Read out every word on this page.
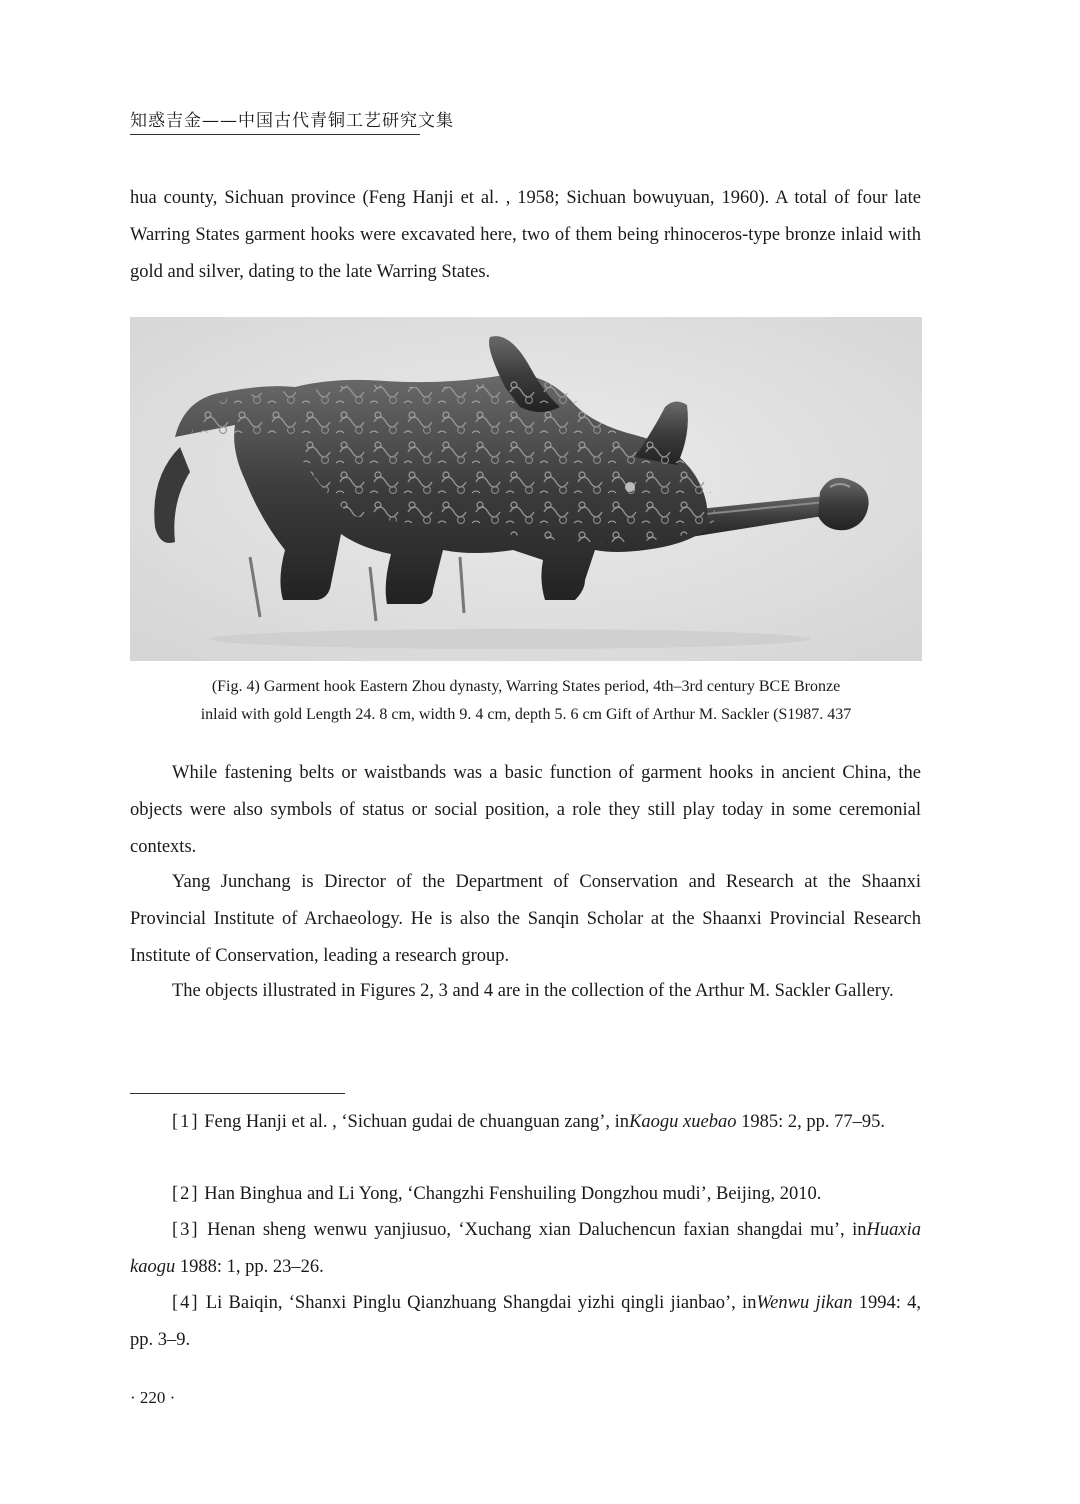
知惑吉金——中国古代青铜工艺研究文集

hua county, Sichuan province (Feng Hanji et al. , 1958; Sichuan bowuyuan, 1960). A total of four late Warring States garment hooks were excavated here, two of them being rhinoceros-type bronze inlaid with gold and silver, dating to the late Warring States.

(Fig. 4) Garment hook Eastern Zhou dynasty, Warring States period, 4th–3rd century BCE Bronze
inlaid with gold Length 24. 8 cm, width 9. 4 cm, depth 5. 6 cm Gift of Arthur M. Sackler (S1987. 437

While fastening belts or waistbands was a basic function of garment hooks in ancient China, the objects were also symbols of status or social position, a role they still play today in some ceremonial contexts.

Yang Junchang is Director of the Department of Conservation and Research at the Shaanxi Provincial Institute of Archaeology. He is also the Sanqin Scholar at the Shaanxi Provincial Research Institute of Conservation, leading a research group.

The objects illustrated in Figures 2, 3 and 4 are in the collection of the Arthur M. Sackler Gallery.

[1] Feng Hanji et al. , ‘Sichuan gudai de chuanguan zang’, inKaogu xuebao 1985: 2, pp. 77–95.

[2] Han Binghua and Li Yong, ‘Changzhi Fenshuiling Dongzhou mudi’, Beijing, 2010.

[3] Henan sheng wenwu yanjiusuo, ‘Xuchang xian Daluchencun faxian shangdai mu’, inHuaxia kaogu 1988: 1, pp. 23–26.

[4] Li Baiqin, ‘Shanxi Pinglu Qianzhuang Shangdai yizhi qingli jianbao’, inWenwu jikan 1994: 4, pp. 3–9.

· 220 ·
